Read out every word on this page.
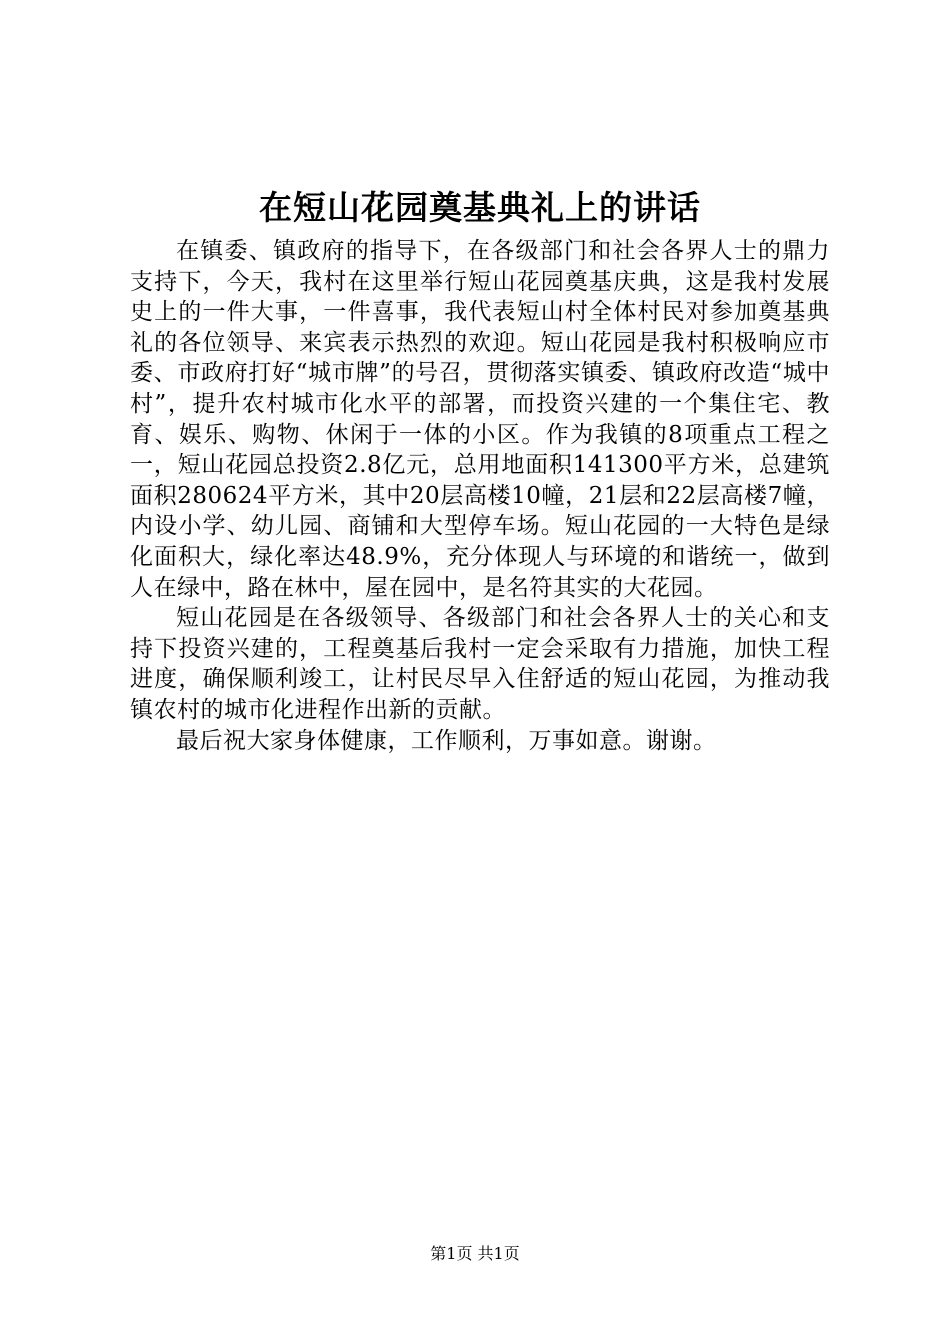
在短山花园奠基典礼上的讲话

在镇委、镇政府的指导下，在各级部门和社会各界人士的鼎力支持下，今天，我村在这里举行短山花园奠基庆典，这是我村发展史上的一件大事，一件喜事，我代表短山村全体村民对参加奠基典礼的各位领导、来宾表示热烈的欢迎。短山花园是我村积极响应市委、市政府打好“城市牌”的号召，贯彻落实镇委、镇政府改造“城中村”，提升农村城市化水平的部署，而投资兴建的一个集住宅、教育、娱乐、购物、休闲于一体的小区。作为我镇的8项重点工程之一，短山花园总投资2.8亿元，总用地面积141300平方米，总建筑面积280624平方米，其中20层高楼10幢，21层和22层高楼7幢，内设小学、幼儿园、商铺和大型停车场。短山花园的一大特色是绿化面积大，绿化率达48.9%，充分体现人与环境的和谐统一，做到人在绿中，路在林中，屋在园中，是名符其实的大花园。

短山花园是在各级领导、各级部门和社会各界人士的关心和支持下投资兴建的，工程奠基后我村一定会采取有力措施，加快工程进度，确保顺利竣工，让村民尽早入住舒适的短山花园，为推动我镇农村的城市化进程作出新的贡献。

最后祝大家身体健康，工作顺利，万事如意。谢谢。

第1页 共1页
